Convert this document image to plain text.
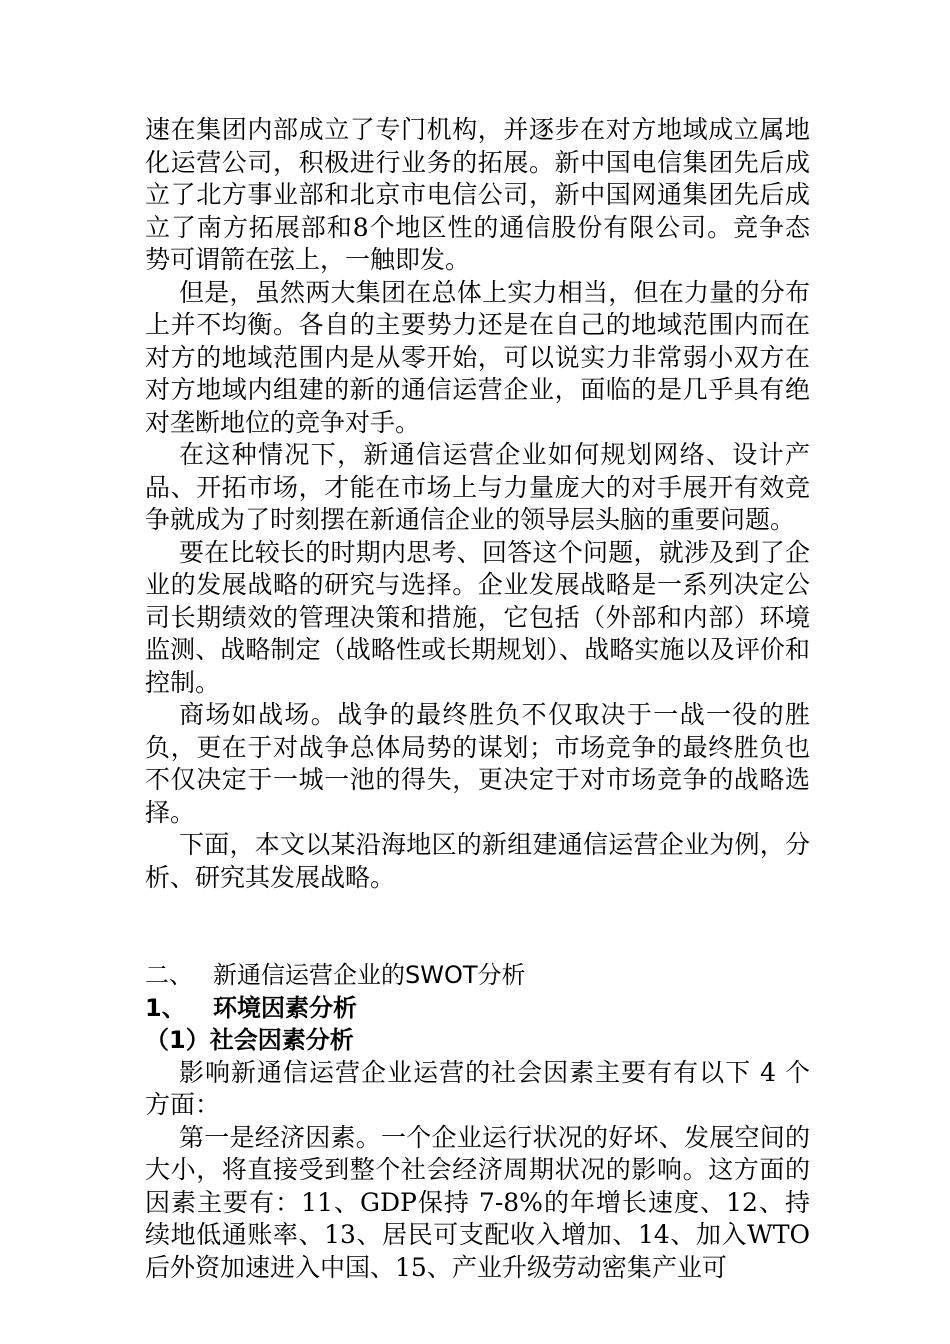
速在集团内部成立了专门机构，并逐步在对方地域成立属地化运营公司，积极进行业务的拓展。新中国电信集团先后成立了北方事业部和北京市电信公司，新中国网通集团先后成立了南方拓展部和8个地区性的通信股份有限公司。竞争态势可谓箭在弦上，一触即发。

但是，虽然两大集团在总体上实力相当，但在力量的分布上并不均衡。各自的主要势力还是在自己的地域范围内而在对方的地域范围内是从零开始，可以说实力非常弱小双方在对方地域内组建的新的通信运营企业，面临的是几乎具有绝对垄断地位的竞争对手。

在这种情况下，新通信运营企业如何规划网络、设计产品、开拓市场，才能在市场上与力量庞大的对手展开有效竞争就成为了时刻摆在新通信企业的领导层头脑的重要问题。

要在比较长的时期内思考、回答这个问题，就涉及到了企业的发展战略的研究与选择。企业发展战略是一系列决定公司长期绩效的管理决策和措施，它包括（外部和内部）环境监测、战略制定（战略性或长期规划）、战略实施以及评价和控制。

商场如战场。战争的最终胜负不仅取决于一战一役的胜负，更在于对战争总体局势的谋划；市场竞争的最终胜负也不仅决定于一城一池的得失，更决定于对市场竞争的战略选择。

下面，本文以某沿海地区的新组建通信运营企业为例，分析、研究其发展战略。

二、 新通信运营企业的SWOT分析

1、 环境因素分析

（1）社会因素分析

影响新通信运营企业运营的社会因素主要有有以下 4 个方面：

第一是经济因素。一个企业运行状况的好坏、发展空间的大小，将直接受到整个社会经济周期状况的影响。这方面的因素主要有：11、GDP保持 7-8%的年增长速度、12、持续地低通账率、13、居民可支配收入增加、14、加入WTO后外资加速进入中国、15、产业升级劳动密集产业可
